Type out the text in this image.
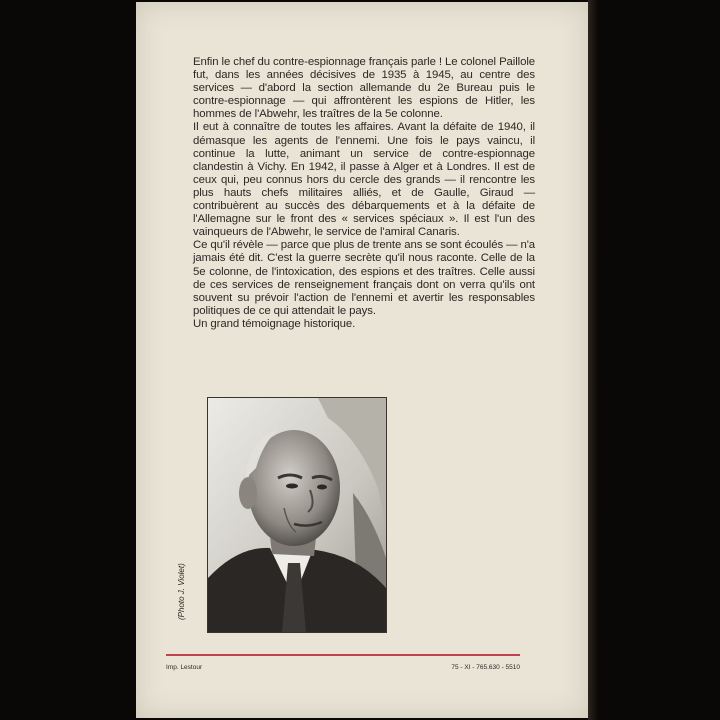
Enfin le chef du contre-espionnage français parle ! Le colonel Paillole fut, dans les années décisives de 1935 à 1945, au centre des services — d'abord la section allemande du 2e Bureau puis le contre-espionnage — qui affrontèrent les espions de Hitler, les hommes de l'Abwehr, les traîtres de la 5e colonne.

Il eut à connaître de toutes les affaires. Avant la défaite de 1940, il démasque les agents de l'ennemi. Une fois le pays vaincu, il continue la lutte, animant un service de contre-espionnage clandestin à Vichy. En 1942, il passe à Alger et à Londres. Il est de ceux qui, peu connus hors du cercle des grands — il rencontre les plus hauts chefs militaires alliés, et de Gaulle, Giraud — contribuèrent au succès des débarquements et à la défaite de l'Allemagne sur le front des « services spéciaux ». Il est l'un des vainqueurs de l'Abwehr, le service de l'amiral Canaris.

Ce qu'il révèle — parce que plus de trente ans se sont écoulés — n'a jamais été dit. C'est la guerre secrète qu'il nous raconte. Celle de la 5e colonne, de l'intoxication, des espions et des traîtres. Celle aussi de ces services de renseignement français dont on verra qu'ils ont souvent su prévoir l'action de l'ennemi et avertir les responsables politiques de ce qui attendait le pays.

Un grand témoignage historique.

(Photo J. Violet)
Imp. Lestour	75 - XI - 765.630 - 5510
